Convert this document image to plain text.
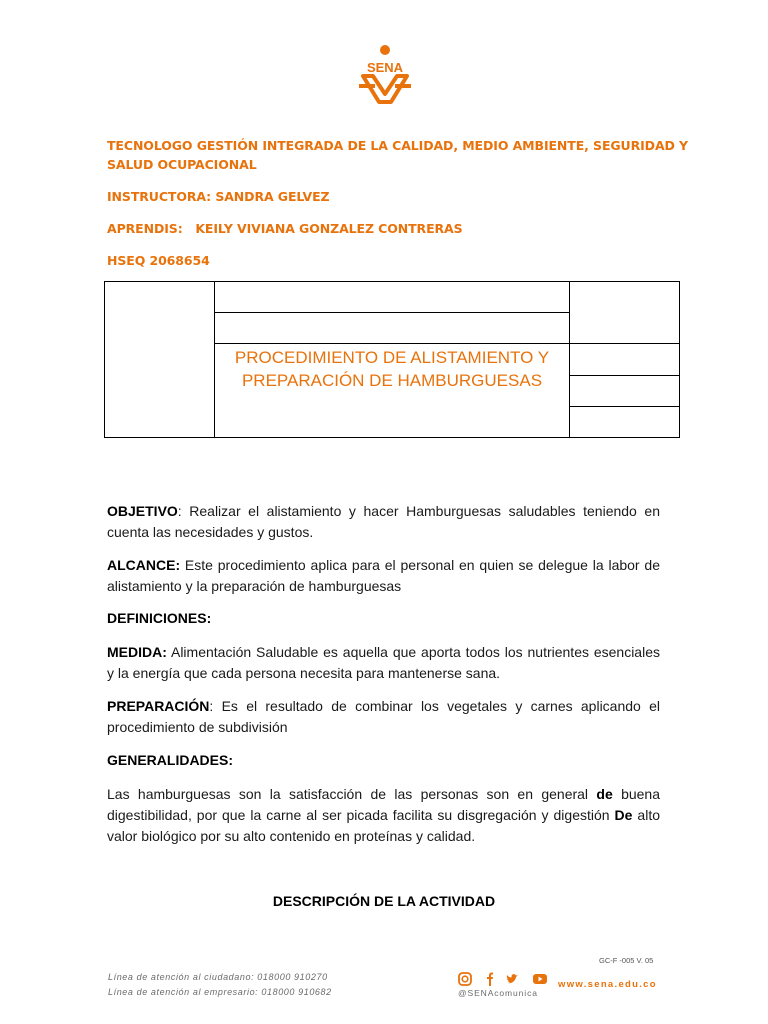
SENA
TECNOLOGO GESTIÓN INTEGRADA DE LA CALIDAD, MEDIO AMBIENTE, SEGURIDAD Y
SALUD OCUPACIONAL
INSTRUCTORA: SANDRA GELVEZ
APRENDIS:   KEILY VIVIANA GONZALEZ CONTRERAS
HSEQ 2068654

	PROCEDIMIENTO DE ALISTAMIENTO Y
PREPARACIÓN DE HAMBURGUESAS	

OBJETIVO: Realizar el alistamiento y hacer Hamburguesas saludables teniendo en cuenta las necesidades y gustos.
ALCANCE: Este procedimiento aplica para el personal en quien se delegue la labor de alistamiento y la preparación de hamburguesas
DEFINICIONES:
MEDIDA: Alimentación Saludable es aquella que aporta todos los nutrientes esenciales y la energía que cada persona necesita para mantenerse sana.
PREPARACIÓN: Es el resultado de combinar los vegetales y carnes aplicando el procedimiento de subdivisión
GENERALIDADES:
Las hamburguesas son la satisfacción de las personas son en general de buena digestibilidad, por que la carne al ser picada facilita su disgregación y digestión De alto valor biológico por su alto contenido en proteínas y calidad.
DESCRIPCIÓN DE LA ACTIVIDAD
GC-F -005 V. 05
Línea de atención al ciudadano: 018000 910270
Línea de atención al empresario: 018000 910682	@SENAcomunica
www.sena.edu.co
